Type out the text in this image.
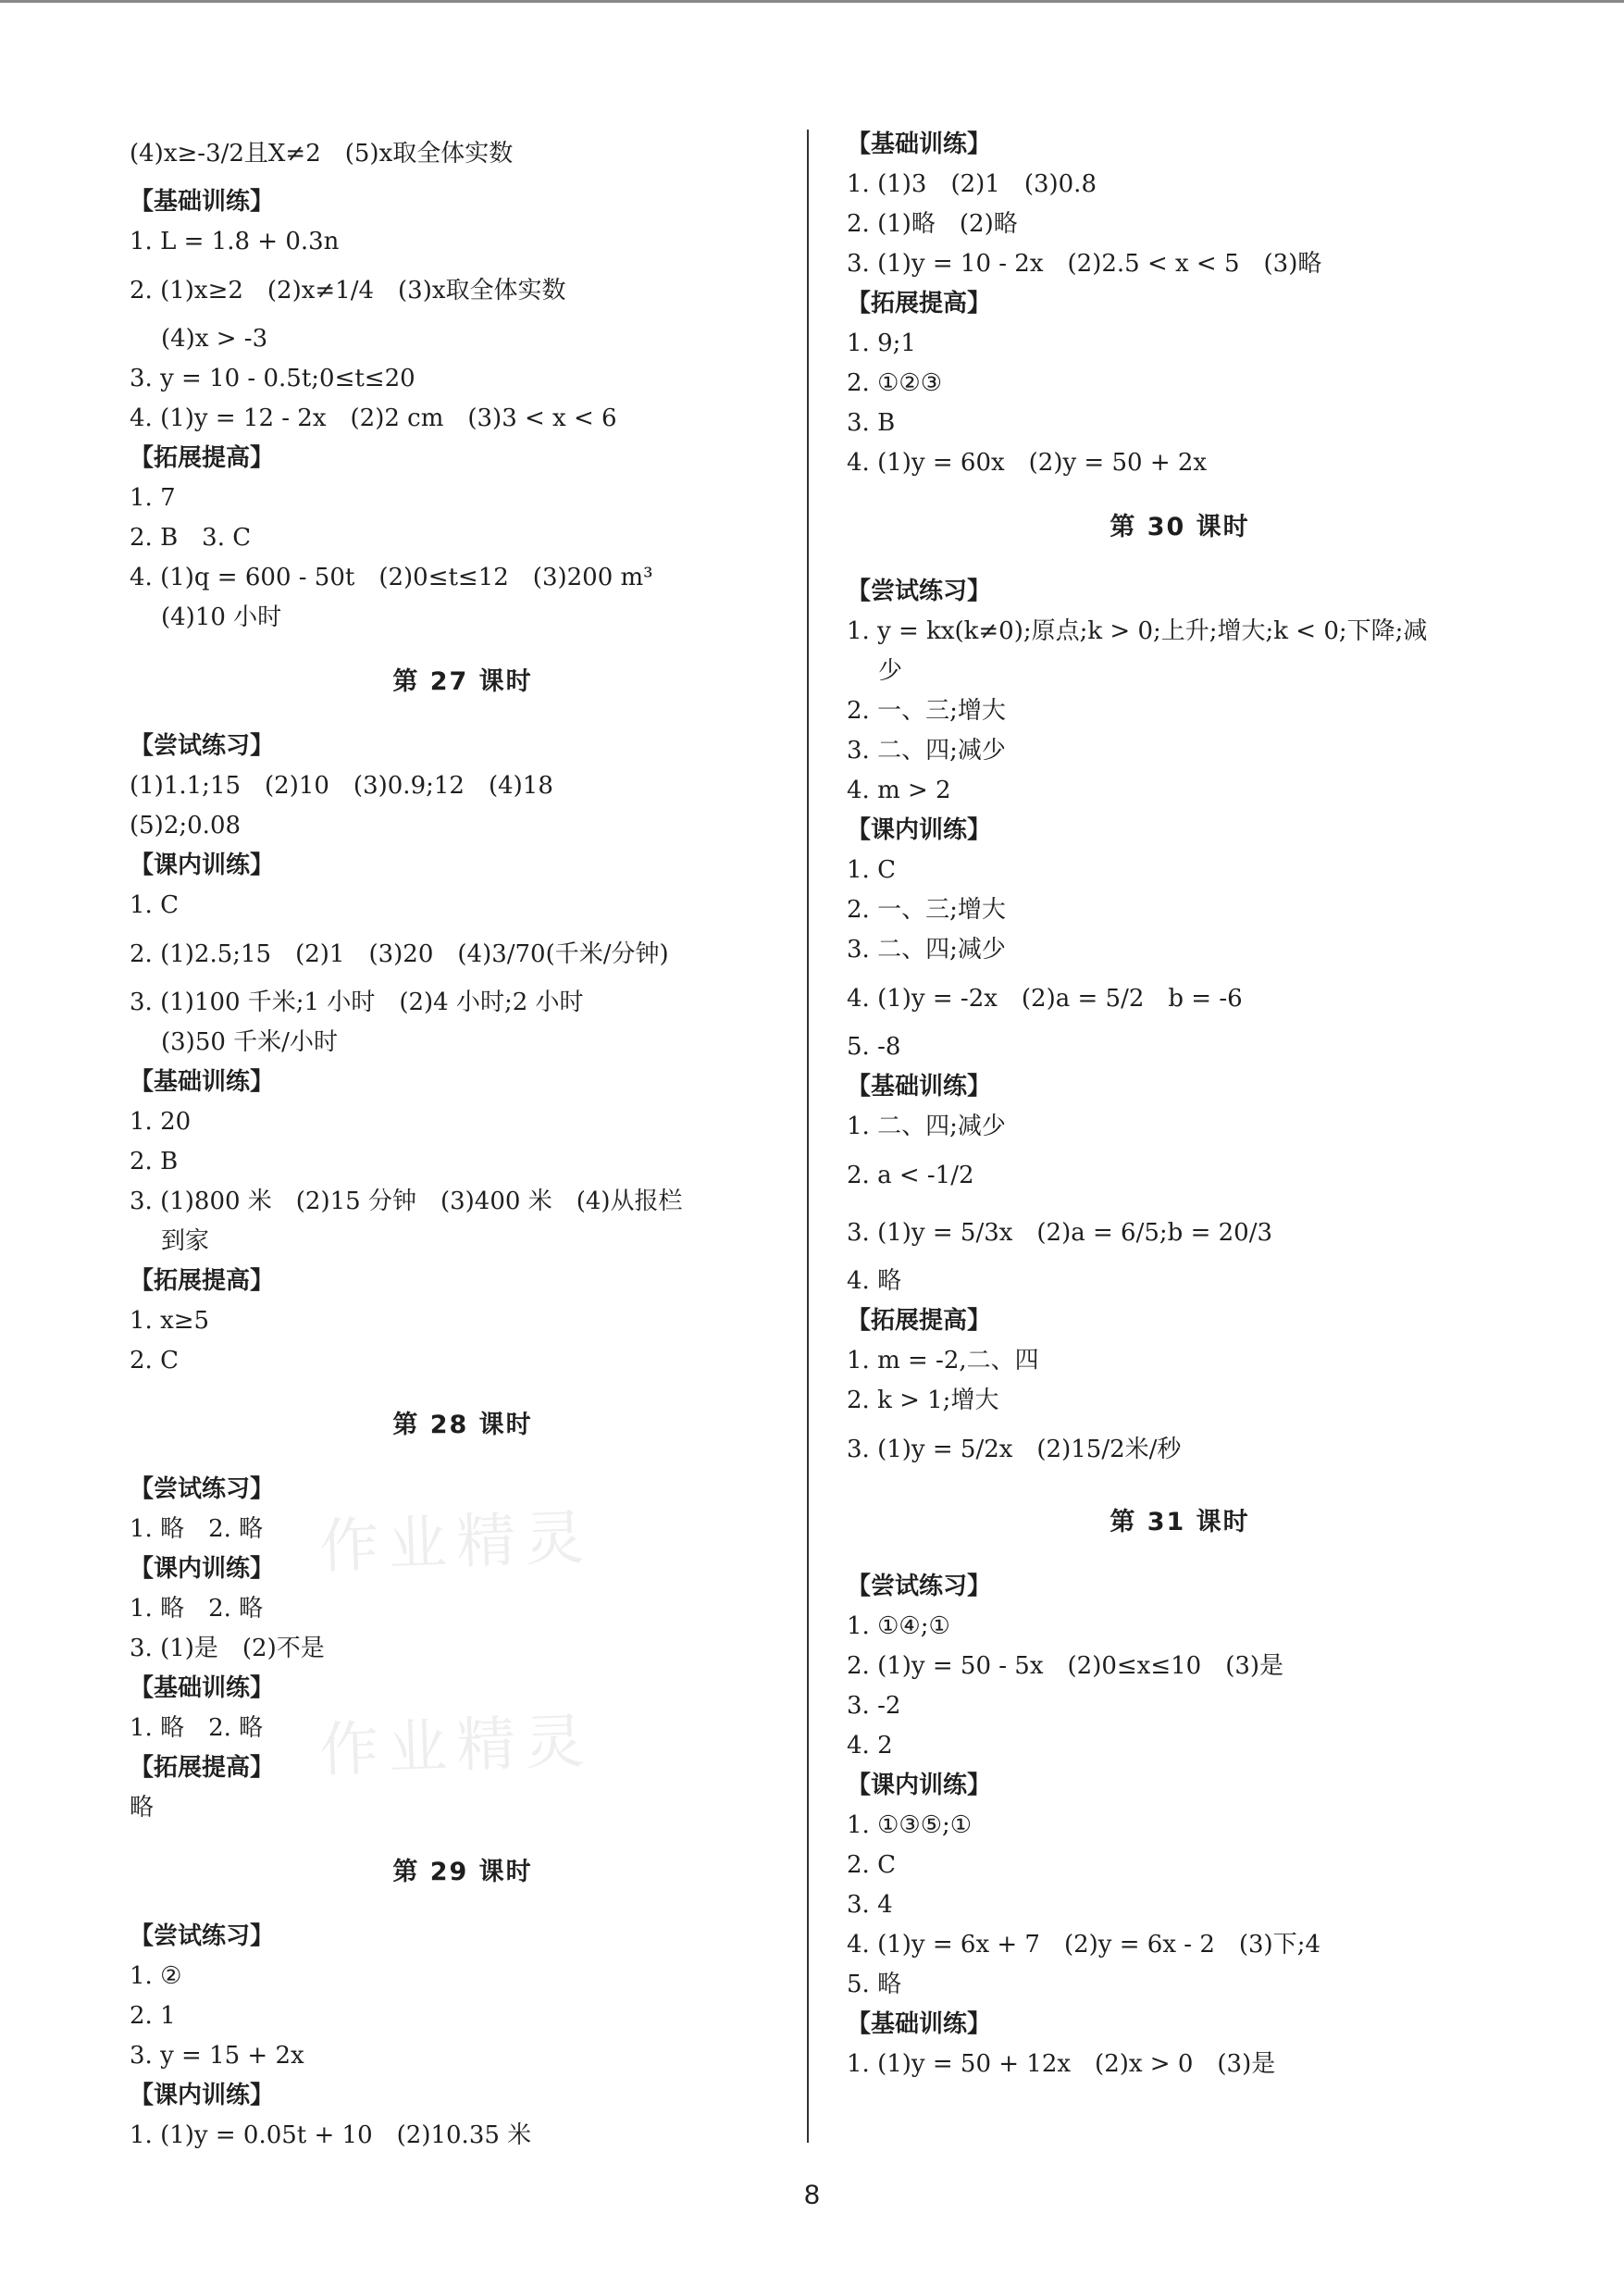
作业精灵
作业精灵
(4)x≥-3/2且X≠2　(5)x取全体实数
【基础训练】
1. L = 1.8 + 0.3n
2. (1)x≥2　(2)x≠1/4　(3)x取全体实数
(4)x > -3
3. y = 10 - 0.5t;0≤t≤20
4. (1)y = 12 - 2x　(2)2 cm　(3)3 < x < 6
【拓展提高】
1. 7
2. B　3. C
4. (1)q = 600 - 50t　(2)0≤t≤12　(3)200 m³
(4)10 小时
第 27 课时
【尝试练习】
(1)1.1;15　(2)10　(3)0.9;12　(4)18
(5)2;0.08
【课内训练】
1. C
2. (1)2.5;15　(2)1　(3)20　(4)3/70(千米/分钟)
3. (1)100 千米;1 小时　(2)4 小时;2 小时
(3)50 千米/小时
【基础训练】
1. 20
2. B
3. (1)800 米　(2)15 分钟　(3)400 米　(4)从报栏
到家
【拓展提高】
1. x≥5
2. C
第 28 课时
【尝试练习】
1. 略　2. 略
【课内训练】
1. 略　2. 略
3. (1)是　(2)不是
【基础训练】
1. 略　2. 略
【拓展提高】
略
第 29 课时
【尝试练习】
1. ②
2. 1
3. y = 15 + 2x
【课内训练】
1. (1)y = 0.05t + 10　(2)10.35 米
【基础训练】
1. (1)3　(2)1　(3)0.8
2. (1)略　(2)略
3. (1)y = 10 - 2x　(2)2.5 < x < 5　(3)略
【拓展提高】
1. 9;1
2. ①②③
3. B
4. (1)y = 60x　(2)y = 50 + 2x
第 30 课时
【尝试练习】
1. y = kx(k≠0);原点;k > 0;上升;增大;k < 0;下降;减
少
2. 一、三;增大
3. 二、四;减少
4. m > 2
【课内训练】
1. C
2. 一、三;增大
3. 二、四;减少
4. (1)y = -2x　(2)a = 5/2　b = -6
5. -8
【基础训练】
1. 二、四;减少
2. a < -1/2
3. (1)y = 5/3x　(2)a = 6/5;b = 20/3
4. 略
【拓展提高】
1. m = -2,二、四
2. k > 1;增大
3. (1)y = 5/2x　(2)15/2米/秒
第 31 课时
【尝试练习】
1. ①④;①
2. (1)y = 50 - 5x　(2)0≤x≤10　(3)是
3. -2
4. 2
【课内训练】
1. ①③⑤;①
2. C
3. 4
4. (1)y = 6x + 7　(2)y = 6x - 2　(3)下;4
5. 略
【基础训练】
1. (1)y = 50 + 12x　(2)x > 0　(3)是
8
